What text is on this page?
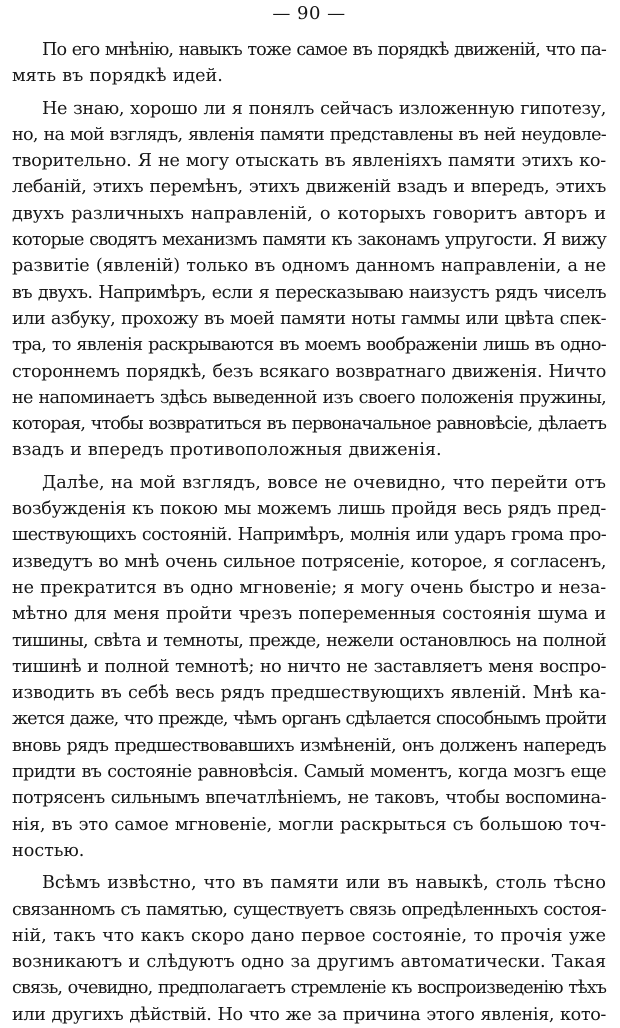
— 90 —

По его мнѣнію, навыкъ тоже самое въ порядкѣ движеній, что па-
мять въ порядкѣ идей.

Не знаю, хорошо ли я понялъ сейчасъ изложенную гипотезу,
но, на мой взглядъ, явленія памяти представлены въ ней неудовле-
творительно. Я не могу отыскать въ явленіяхъ памяти этихъ ко-
лебаній, этихъ перемѣнъ, этихъ движеній взадъ и впередъ, этихъ
двухъ различныхъ направленій, о которыхъ говоритъ авторъ и
которые сводятъ механизмъ памяти къ законамъ упругости. Я вижу
развитіе (явленій) только въ одномъ данномъ направленіи, а не
въ двухъ. Напримѣръ, если я пересказываю наизустъ рядъ чиселъ
или азбуку, прохожу въ моей памяти ноты гаммы или цвѣта спек-
тра, то явленія раскрываются въ моемъ воображеніи лишь въ одно-
стороннемъ порядкѣ, безъ всякаго возвратнаго движенія. Ничто
не напоминаетъ здѣсь выведенной изъ своего положенія пружины,
которая, чтобы возвратиться въ первоначальное равновѣсіе, дѣлаетъ
взадъ и впередъ противоположныя движенія.

Далѣе, на мой взглядъ, вовсе не очевидно, что перейти отъ
возбужденія къ покою мы можемъ лишь пройдя весь рядъ пред-
шествующихъ состояній. Напримѣръ, молнія или ударъ грома про-
изведутъ во мнѣ очень сильное потрясеніе, которое, я согласенъ,
не прекратится въ одно мгновеніе; я могу очень быстро и неза-
мѣтно для меня пройти чрезъ попеременныя состоянія шума и
тишины, свѣта и темноты, прежде, нежели остановлюсь на полной
тишинѣ и полной темнотѣ; но ничто не заставляетъ меня воспро-
изводить въ себѣ весь рядъ предшествующихъ явленій. Мнѣ ка-
жется даже, что прежде, чѣмъ органъ сдѣлается способнымъ пройти
вновь рядъ предшествовавшихъ измѣненій, онъ долженъ напередъ
придти въ состояніе равновѣсія. Самый моментъ, когда мозгъ еще
потрясенъ сильнымъ впечатлѣніемъ, не таковъ, чтобы воспомина-
нія, въ это самое мгновеніе, могли раскрыться съ большою точ-
ностью.

Всѣмъ извѣстно, что въ памяти или въ навыкѣ, столь тѣсно
связанномъ съ памятью, существуетъ связь опредѣленныхъ состоя-
ній, такъ что какъ скоро дано первое состояніе, то прочія уже
возникаютъ и слѣдуютъ одно за другимъ автоматически. Такая
связь, очевидно, предполагаетъ стремленіе къ воспроизведенію тѣхъ
или другихъ дѣйствій. Но что же за причина этого явленія, кото-
